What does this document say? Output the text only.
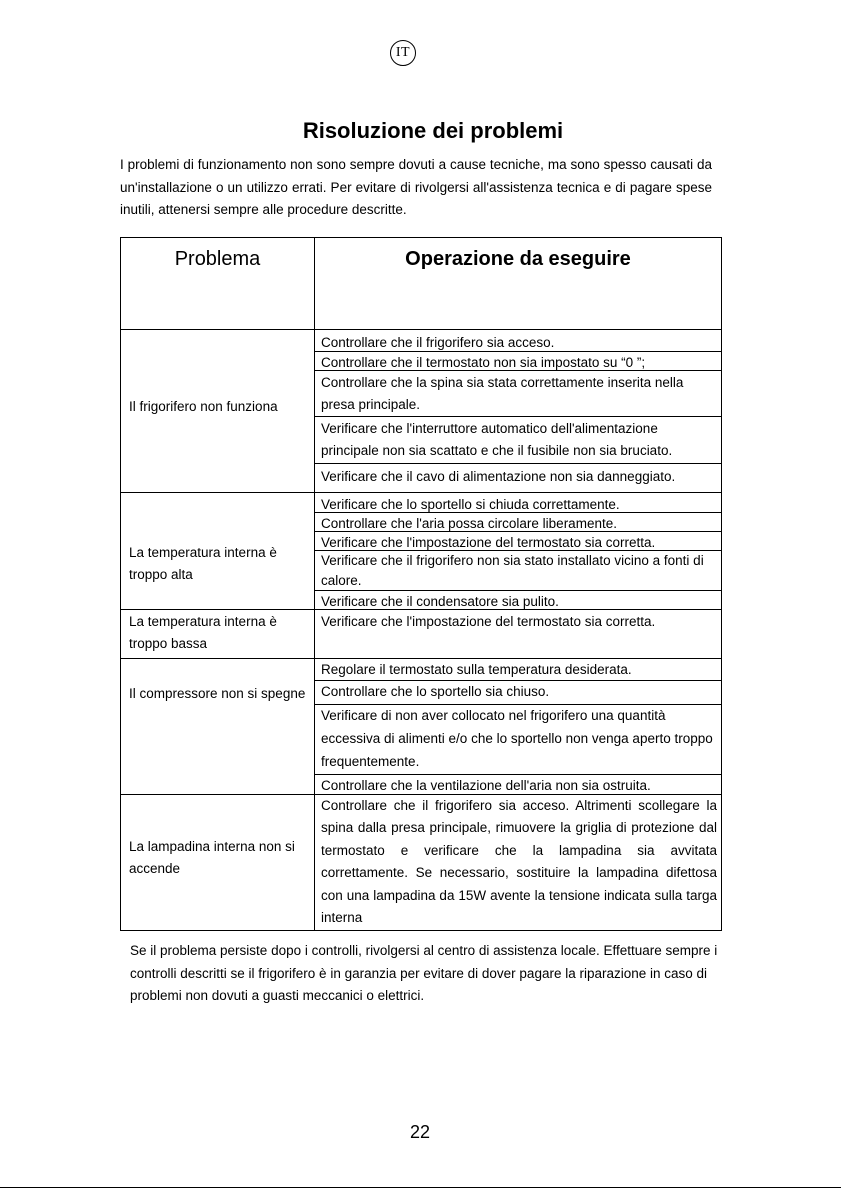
IT
Risoluzione dei problemi

I problemi di funzionamento non sono sempre dovuti a cause tecniche, ma sono spesso causati da un'installazione o un utilizzo errati. Per evitare di rivolgersi all'assistenza tecnica e di pagare spese inutili, attenersi sempre alle procedure descritte.

Problema	Operazione da eseguire

Il frigorifero non funziona

Controllare che il frigorifero sia acceso.

Controllare che il termostato non sia impostato su “0 ”;

Controllare che la spina sia stata correttamente inserita nella presa principale.

Verificare che l'interruttore automatico dell'alimentazione principale non sia scattato e che il fusibile non sia bruciato.

Verificare che il cavo di alimentazione non sia danneggiato.

La temperatura interna è troppo alta

Verificare che lo sportello si chiuda correttamente.

Controllare che l'aria possa circolare liberamente.

Verificare che l'impostazione del termostato sia corretta.

Verificare che il frigorifero non sia stato installato vicino a fonti di calore.

Verificare che il condensatore sia pulito.

La temperatura interna è troppo bassa

Verificare che l'impostazione del termostato sia corretta.

Il compressore non si spegne

Regolare il termostato sulla temperatura desiderata.

Controllare che lo sportello sia chiuso.

Verificare di non aver collocato nel frigorifero una quantità eccessiva di alimenti e/o che lo sportello non venga aperto troppo frequentemente.

Controllare che la ventilazione dell'aria non sia ostruita.

La lampadina interna non si accende

Controllare che il frigorifero sia acceso. Altrimenti scollegare la spina dalla presa principale, rimuovere la griglia di protezione dal termostato e verificare che la lampadina sia avvitata correttamente. Se necessario, sostituire la lampadina difettosa con una lampadina da 15W avente la tensione indicata sulla targa interna

Se il problema persiste dopo i controlli, rivolgersi al centro di assistenza locale. Effettuare sempre i controlli descritti se il frigorifero è in garanzia per evitare di dover pagare la riparazione in caso di problemi non dovuti a guasti meccanici o elettrici.

22
